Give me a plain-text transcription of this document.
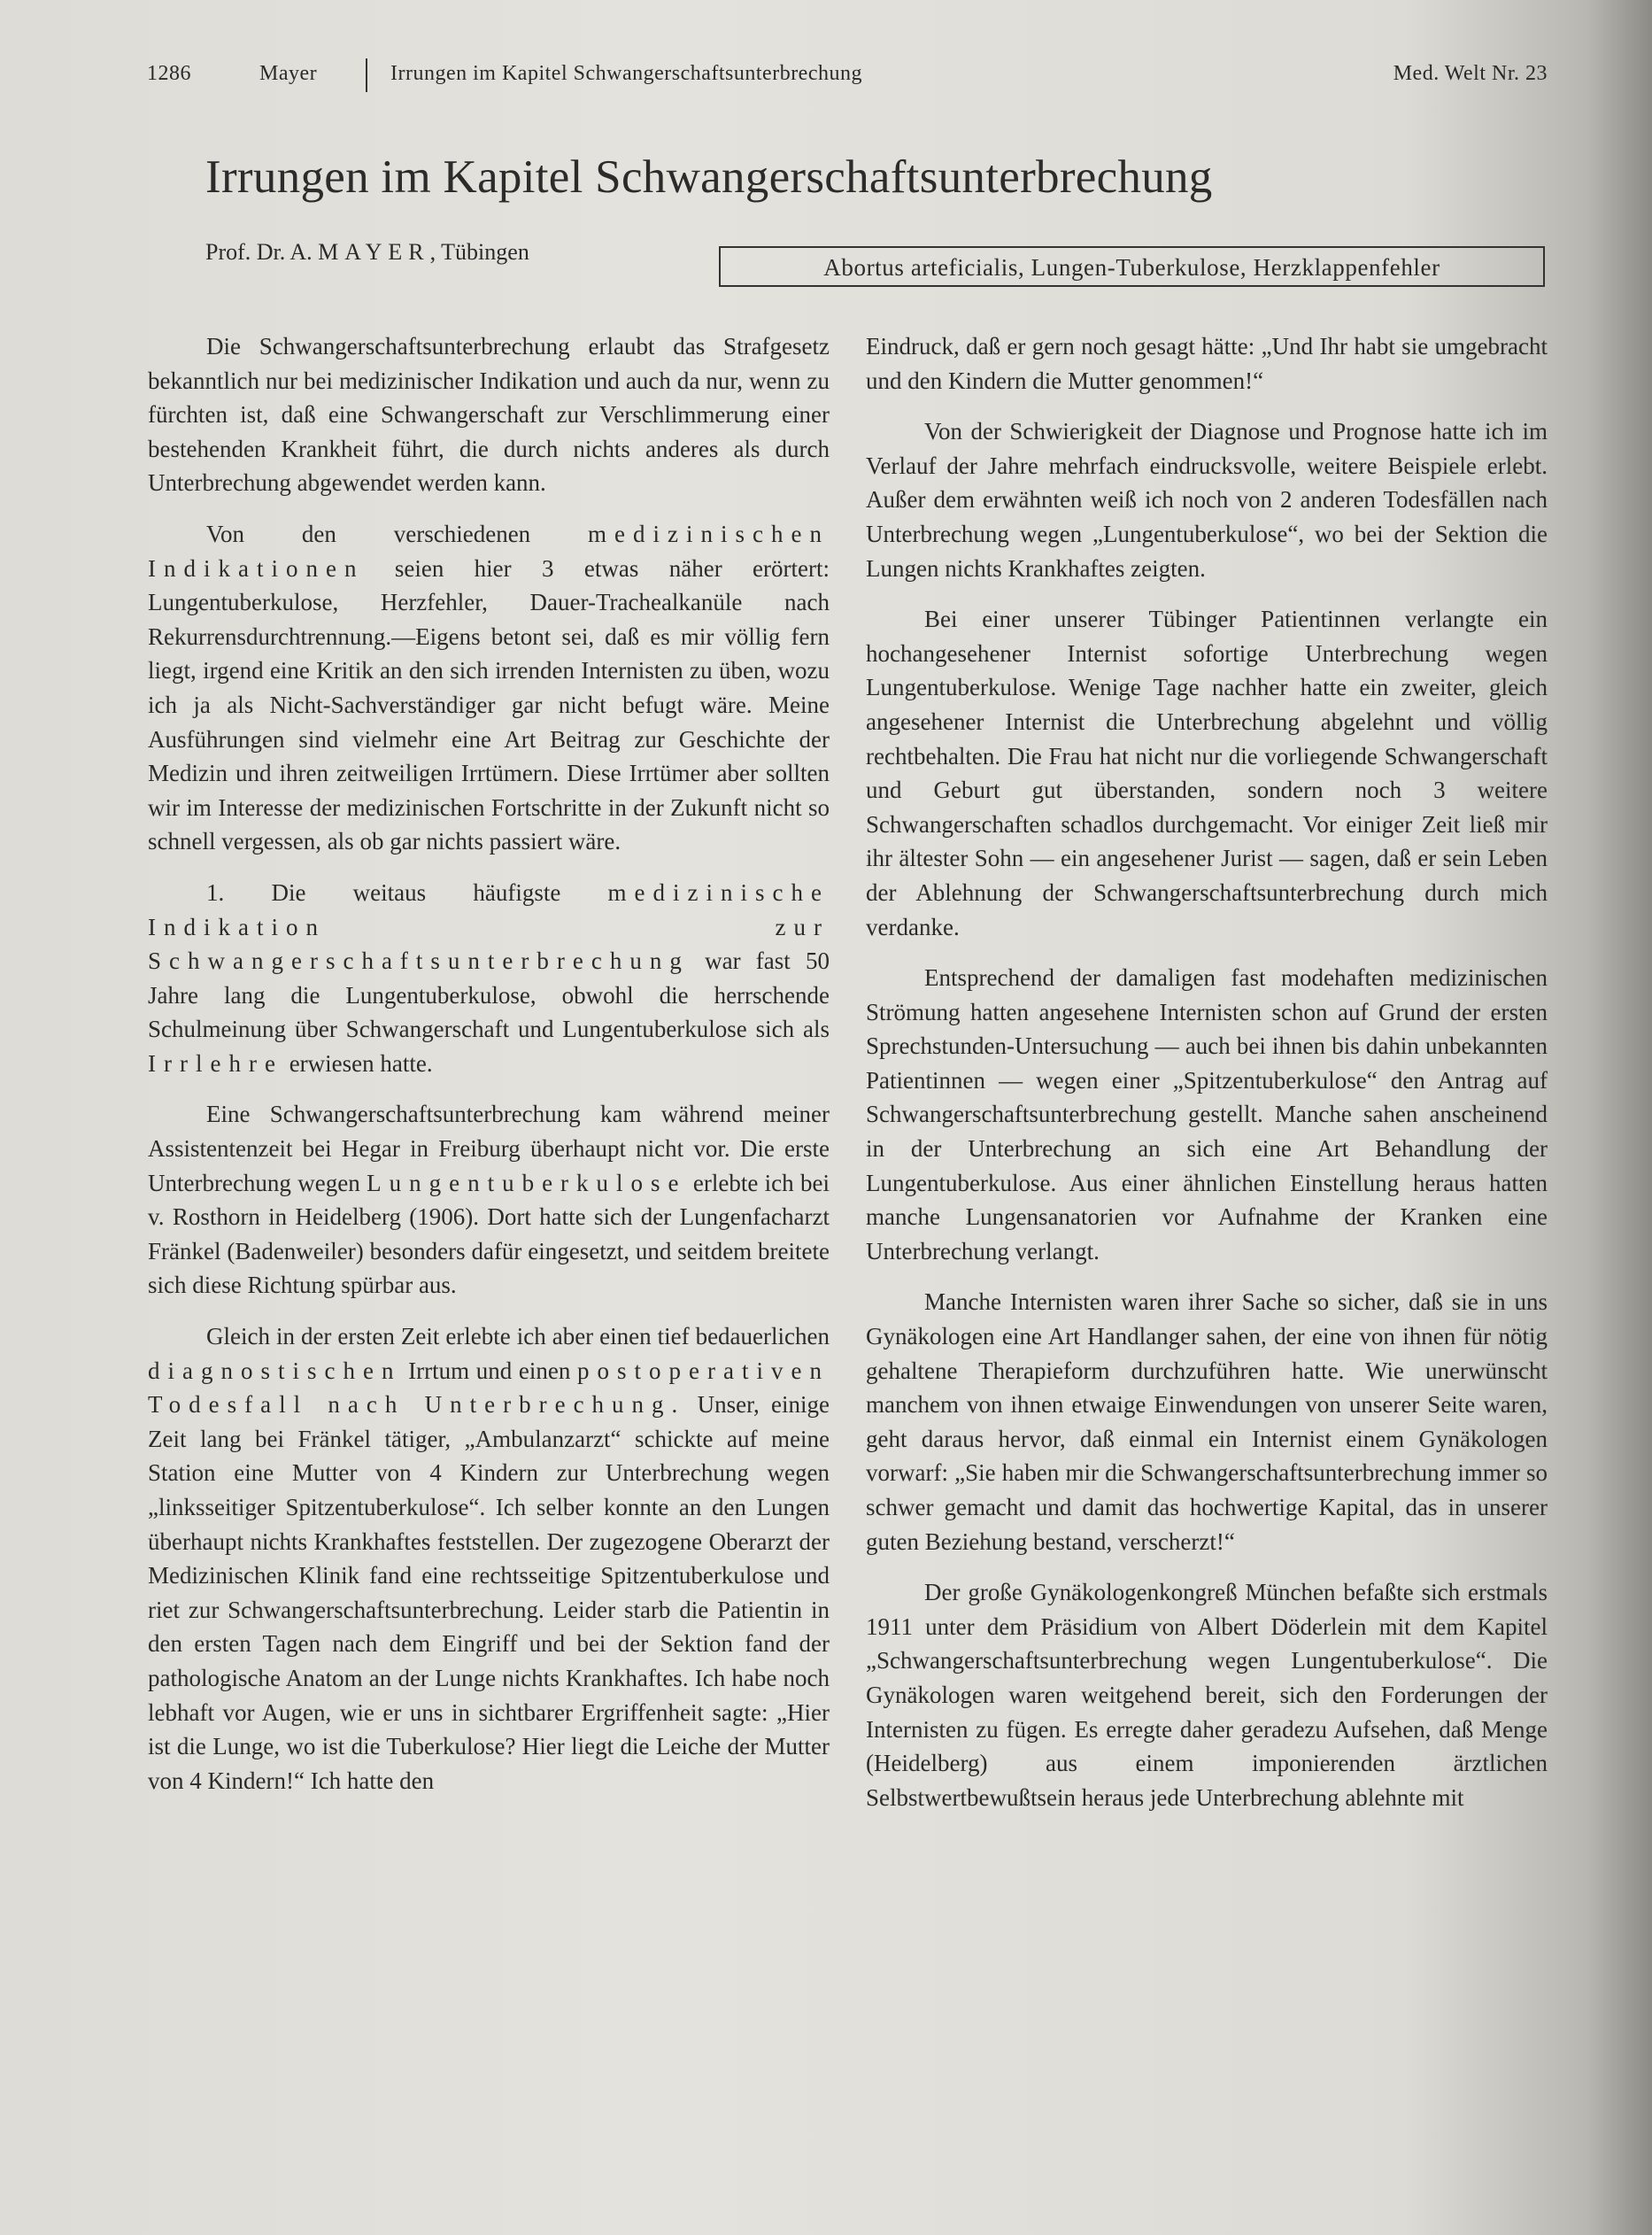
1286	Mayer	Irrungen im Kapitel Schwangerschaftsunterbrechung	Med. Welt Nr. 23
Irrungen im Kapitel Schwangerschaftsunterbrechung
Prof. Dr. A. MAYER, Tübingen
Abortus arteficialis, Lungen-Tuberkulose, Herzklappenfehler

Die Schwangerschaftsunterbrechung erlaubt das Strafgesetz bekanntlich nur bei medizinischer Indikation und auch da nur, wenn zu fürchten ist, daß eine Schwangerschaft zur Verschlimmerung einer bestehenden Krankheit führt, die durch nichts anderes als durch Unterbrechung abgewendet werden kann.

Von den verschiedenen medizinischen Indikationen seien hier 3 etwas näher erörtert: Lungentuberkulose, Herzfehler, Dauer-Trachealkanüle nach Rekurrensdurchtrennung.—Eigens betont sei, daß es mir völlig fern liegt, irgend eine Kritik an den sich irrenden Internisten zu üben, wozu ich ja als Nicht-Sachverständiger gar nicht befugt wäre. Meine Ausführungen sind vielmehr eine Art Beitrag zur Geschichte der Medizin und ihren zeitweiligen Irrtümern. Diese Irrtümer aber sollten wir im Interesse der medizinischen Fortschritte in der Zukunft nicht so schnell vergessen, als ob gar nichts passiert wäre.

1. Die weitaus häufigste medizinische Indikation zur Schwangerschaftsunterbrechung war fast 50 Jahre lang die Lungentuberkulose, obwohl die herrschende Schulmeinung über Schwangerschaft und Lungentuberkulose sich als Irrlehre erwiesen hatte.

Eine Schwangerschaftsunterbrechung kam während meiner Assistentenzeit bei Hegar in Freiburg überhaupt nicht vor. Die erste Unterbrechung wegen Lungentuberkulose erlebte ich bei v. Rosthorn in Heidelberg (1906). Dort hatte sich der Lungenfacharzt Fränkel (Badenweiler) besonders dafür eingesetzt, und seitdem breitete sich diese Richtung spürbar aus.

Gleich in der ersten Zeit erlebte ich aber einen tief bedauerlichen diagnostischen Irrtum und einen postoperativen Todesfall nach Unterbrechung. Unser, einige Zeit lang bei Fränkel tätiger, „Ambulanzarzt“ schickte auf meine Station eine Mutter von 4 Kindern zur Unterbrechung wegen „linksseitiger Spitzentuberkulose“. Ich selber konnte an den Lungen überhaupt nichts Krankhaftes feststellen. Der zugezogene Oberarzt der Medizinischen Klinik fand eine rechtsseitige Spitzentuberkulose und riet zur Schwangerschaftsunterbrechung. Leider starb die Patientin in den ersten Tagen nach dem Eingriff und bei der Sektion fand der pathologische Anatom an der Lunge nichts Krankhaftes. Ich habe noch lebhaft vor Augen, wie er uns in sichtbarer Ergriffenheit sagte: „Hier ist die Lunge, wo ist die Tuberkulose? Hier liegt die Leiche der Mutter von 4 Kindern!“ Ich hatte den

Eindruck, daß er gern noch gesagt hätte: „Und Ihr habt sie umgebracht und den Kindern die Mutter genommen!“

Von der Schwierigkeit der Diagnose und Prognose hatte ich im Verlauf der Jahre mehrfach eindrucksvolle, weitere Beispiele erlebt. Außer dem erwähnten weiß ich noch von 2 anderen Todesfällen nach Unterbrechung wegen „Lungentuberkulose“, wo bei der Sektion die Lungen nichts Krankhaftes zeigten.

Bei einer unserer Tübinger Patientinnen verlangte ein hochangesehener Internist sofortige Unterbrechung wegen Lungentuberkulose. Wenige Tage nachher hatte ein zweiter, gleich angesehener Internist die Unterbrechung abgelehnt und völlig rechtbehalten. Die Frau hat nicht nur die vorliegende Schwangerschaft und Geburt gut überstanden, sondern noch 3 weitere Schwangerschaften schadlos durchgemacht. Vor einiger Zeit ließ mir ihr ältester Sohn — ein angesehener Jurist — sagen, daß er sein Leben der Ablehnung der Schwangerschaftsunterbrechung durch mich verdanke.

Entsprechend der damaligen fast modehaften medizinischen Strömung hatten angesehene Internisten schon auf Grund der ersten Sprechstunden-Untersuchung — auch bei ihnen bis dahin unbekannten Patientinnen — wegen einer „Spitzentuberkulose“ den Antrag auf Schwangerschaftsunterbrechung gestellt. Manche sahen anscheinend in der Unterbrechung an sich eine Art Behandlung der Lungentuberkulose. Aus einer ähnlichen Einstellung heraus hatten manche Lungensanatorien vor Aufnahme der Kranken eine Unterbrechung verlangt.

Manche Internisten waren ihrer Sache so sicher, daß sie in uns Gynäkologen eine Art Handlanger sahen, der eine von ihnen für nötig gehaltene Therapieform durchzuführen hatte. Wie unerwünscht manchem von ihnen etwaige Einwendungen von unserer Seite waren, geht daraus hervor, daß einmal ein Internist einem Gynäkologen vorwarf: „Sie haben mir die Schwangerschaftsunterbrechung immer so schwer gemacht und damit das hochwertige Kapital, das in unserer guten Beziehung bestand, verscherzt!“

Der große Gynäkologenkongreß München befaßte sich erstmals 1911 unter dem Präsidium von Albert Döderlein mit dem Kapitel „Schwangerschaftsunterbrechung wegen Lungentuberkulose“. Die Gynäkologen waren weitgehend bereit, sich den Forderungen der Internisten zu fügen. Es erregte daher geradezu Aufsehen, daß Menge (Heidelberg) aus einem imponierenden ärztlichen Selbstwertbewußtsein heraus jede Unterbrechung ablehnte mit
